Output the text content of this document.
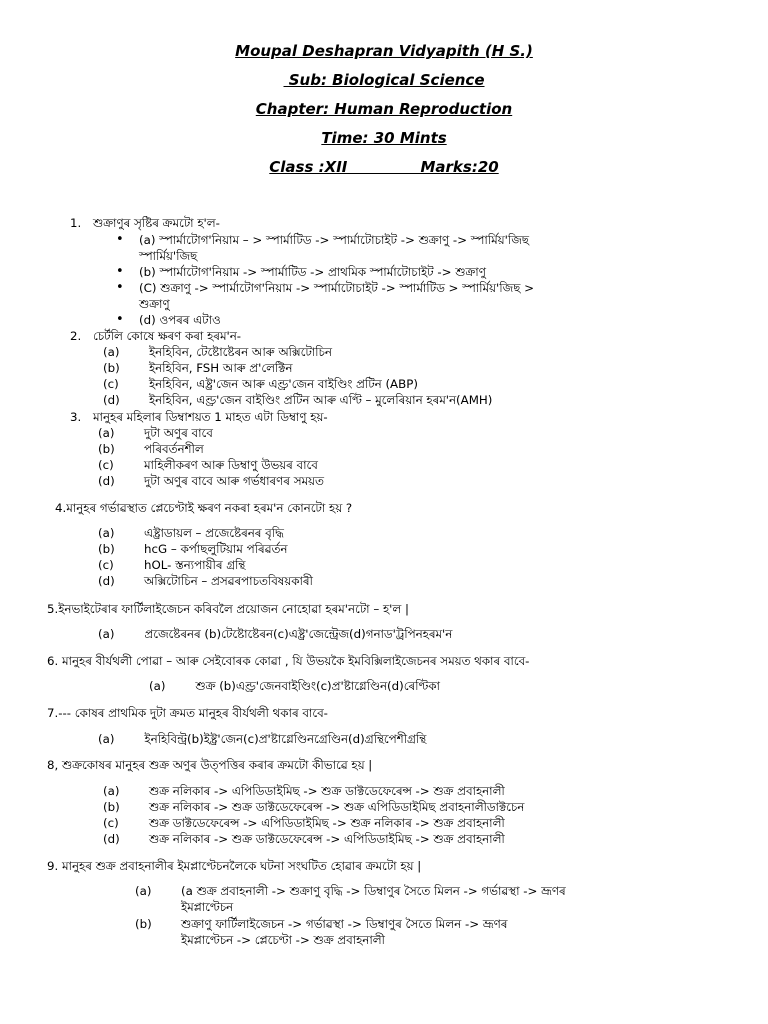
Moupal Deshapran Vidyapith (H S.)
Sub: Biological Science
Chapter: Human Reproduction
Time: 30 Mints
Class :XII              Marks:20
1. শুক্ৰাণুৰ সৃষ্টিৰ ক্ৰমটো হ'ল-
• (a) স্পাৰ্মাটোগ'নিয়াম – > স্পাৰ্মাটিড -> স্পাৰ্মাটোচাইট -> শুক্ৰাণু -> স্পাৰ্মিয়'জিছ
স্পাৰ্মিয়'জিছ
• (b) স্পাৰ্মাটোগ'নিয়াম -> স্পাৰ্মাটিড -> প্ৰাথমিক স্পাৰ্মাটোচাইট -> শুক্ৰাণু
• (C) শুক্ৰাণু -> স্পাৰ্মাটোগ'নিয়াম -> স্পাৰ্মাটোচাইট -> স্পাৰ্মাটিড > স্পাৰ্মিয়'জিছ >
শুক্ৰাণু
• (d) ওপৰৰ এটাও
2. চেৰ্টলি কোষে ক্ষৰণ কৰা হৰম'ন-
(a)	ইনহিবিন, টেষ্টোষ্টেৰন আৰু অক্সিটোচিন
(b) ইনহিবিন, FSH আৰু প্ৰ'লেক্টিন
(c)	ইনহিবিন, এষ্ট্ৰ'জেন আৰু এণ্ড্ৰ'জেন বাইণ্ডিং প্ৰটিন (ABP)
(d) ইনহিবিন, এণ্ড্ৰ'জেন বাইণ্ডিং প্ৰটিন আৰু এণ্টি – মুলেৰিয়ান হৰম'ন(AMH)
3. মানুহৰ মহিলাৰ ডিম্বাশয়ত 1 মাহত এটা ডিম্বাণু হয়-
(a)	দুটা অণুৰ বাবে
(b) পৰিবৰ্তনশীল
(c)	মাহিলীকৰণ আৰু ডিম্বাণু উভয়ৰ বাবে
(d) দুটা অণুৰ বাবে আৰু গৰ্ভধাৰণৰ সময়ত
4.মানুহৰ গৰ্ভাৱস্থাত প্লেচেণ্টাই ক্ষৰণ নকৰা হৰম'ন কোনটো হয় ?
(a)	এষ্ট্ৰাডায়ল – প্ৰজেষ্টেৰনৰ বৃদ্ধি
(b) hcG – কৰ্পাছলুটিয়াম পৰিৱৰ্তন
(c)	hOL- স্তন্যপায়ীৰ গ্ৰন্থি
(d) অক্সিটোচিন – প্ৰসৱৰপাচতবিষয়কাৰী
5.ইনভাইটেৰাৰ ফাৰ্টিলাইজেচন কৰিবলৈ প্ৰয়োজন নোহোৱা হৰম'নটো – হ'ল |
(a)        প্ৰজেষ্টেৰনৰ (b)টেষ্টোষ্টেৰন(c)এষ্ট্ৰ'জেন্ট্ৰেজ(d)গনাড'ট্ৰপিনহৰম'ন
6. মানুহৰ বীৰ্যথলী পোৱা – আৰু সেইবোৰক কোৱা , যি উভয়কৈ ইমবিক্সিলাইজেচনৰ সময়ত থকাৰ বাবে-
(a)        শুক্ৰ (b)এণ্ড্ৰ'জেনবাইণ্ডিং(c)প্ৰ'ষ্টাগ্লেণ্ডিন(d)ৰেণ্টিকা
7.--- কোষৰ প্ৰাথমিক দুটা ক্ৰমত মানুহৰ বীৰ্যথলী থকাৰ বাবে-
(a)        ইনহিবিন্ট্ৰ(b)ইষ্ট্ৰ'জেন(c)প্ৰ'ষ্টাগ্লেণ্ডিনগ্ৰেণ্ডিন(d)গ্ৰন্থিপেশীগ্ৰন্থি
8, শুক্ৰকোষৰ মানুহৰ শুক্ৰ অণুৰ উত্পত্তিৰ কৰাৰ ক্ৰমটো কীভাৱে হয় |
(a)	শুক্ৰ নলিকাৰ -> এপিডিডাইমিছ -> শুক্ৰ ডাক্টডেফেৰেন্স -> শুক্ৰ প্ৰবাহনালী
(b) শুক্ৰ নলিকাৰ -> শুক্ৰ ডাক্টডেফেৰেন্স -> শুক্ৰ এপিডিডাইমিছ প্ৰবাহনালীডাক্টচেন
(c)	শুক্ৰ ডাক্টডেফেৰেন্স -> এপিডিডাইমিছ -> শুক্ৰ নলিকাৰ -> শুক্ৰ প্ৰবাহনালী
(d) শুক্ৰ নলিকাৰ -> শুক্ৰ ডাক্টডেফেৰেন্স -> এপিডিডাইমিছ -> শুক্ৰ প্ৰবাহনালী
9. মানুহৰ শুক্ৰ প্ৰবাহনালীৰ ইমপ্লাণ্টেচনলৈকে ঘটনা সংঘটিত হোৱাৰ ক্ৰমটো হয় |
(a)	(a শুক্ৰ প্ৰবাহনালী -> শুক্ৰাণু বৃদ্ধি -> ডিম্বাণুৰ সৈতে মিলন -> গৰ্ভাৱস্থা -> ভ্ৰূণৰ
ইমপ্লাণ্টেচন
(b) শুক্ৰাণু ফাৰ্টিলাইজেচন -> গৰ্ভাৱস্থা -> ডিম্বাণুৰ সৈতে মিলন -> ভ্ৰূণৰ
ইমপ্লাণ্টেচন -> প্লেচেণ্টা -> শুক্ৰ প্ৰবাহনালী
